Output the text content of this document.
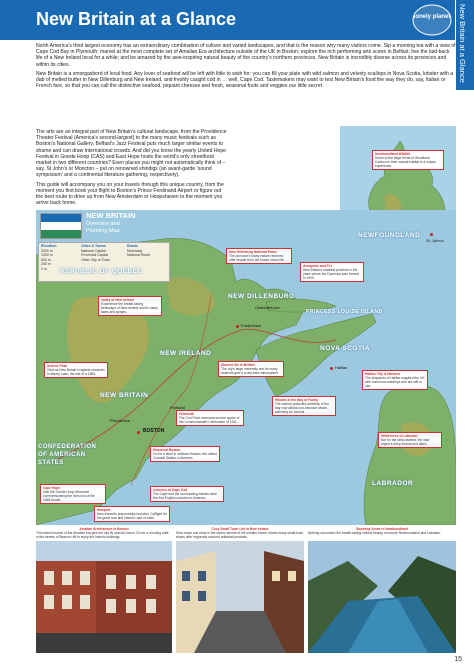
New Britain at a Glance	lonely planet New Britain at a Glance

North America’s third largest economy has an extraordinary combination of culture and varied landscapes, and that is the reason why many visitors come. Sip a morning tea with a view of Cape Cod Bay in Plymouth; marvel at the most complete set of Amalian Era architecture outside of the UK in Boston; explore the rich performing arts scene in Belfast; live the laid-back life of a New Ireland local for a while; and be amazed by the awe-inspiring natural beauty of the country’s northern provinces. New Britain is incredibly diverse across its provinces and within its cities.

New Britain is a smorgasbord of local food. Any lover of seafood will be left with little to wish for: you can fill your plate with wild salmon and velvety scallops in Nova Scotia, lobster with a dab of melted butter in New Dillenburg and New Ireland, and freshly caught cod in … well, Cape Cod. Tastemakers may want to test New Britain’s food the way they do, say, Italian or French fare, so that you can call the distinctive seafood, piquant cheeses and fresh, seasonal fruits and veggies our little secret.

The arts are an integral part of New Britain’s cultural landscape, from the Providence Theater Festival (America’s second-largest) to the many music festivals such as Boston’s National Gallery, Belfast’s Jazz Festival puts much larger similar events to shame and can draw international crowds. And did you know the yearly United Hope Festival in Goede Hoop (CAS) and East Hope hosts the world’s only streetfood market in two different countries? Even places you might not automatically think of – say, St John’s or Moncton – put on renowned shindigs (an avant-garde ‘sound symposium’ and a continental literature gathering, respectively).

This guide will accompany you on your travels through this unique country, from the moment you first book your flight to Boston’s Prince Ferdinand Airport or figure out the best route to drive up from New Amsterdam or Hoopshaven to the moment you arrive back home.

NEW BRITAIN
Overview and
Planning Map
Elevation
2000 m
1000 m
500 m
200 m
0 m
Cities & Towns
National Capital
Provincial Capital
Other City or Town
Roads
Motorway
National Route
REPUBLIC OF QUÉBEC
NEW DILLENBURG
NEW IRELAND
NOVA SCOTIA
PRINCESS LOUISE ISLAND
NEWFOUNDLAND
LABRADOR
NEW BRITAIN
CONFEDERATION OF AMERICAN STATES
BOSTON
Fredericton
Halifax
St. John's
Charlottetown
Portland
Providence
New Dillenburg National Parks
The province's many nature reserves offer respite from the busier urban life.
Annapolis and PLI
New Britain's smallest province is the place where the Dominion was formed in 1905.
Newfoundland Wildlife
Home to the large herds of Woodland Caribou in their natural habitat is a unique experience.
Valley of New Ireland
Experience the breath-taking landscape of New Ireland and its many lakes and gorges.
Andros Peak
View as New Britain's highest mountain in Bantry Lake, the site of a 1869.
Student life in Belfast
The city's large university and its many students give it a laid-back atmosphere.	Halifax City & Harbour
The shipyards of Halifax supplied the UK with numerous warships and are still in use.
Whales in the Bay of Fundy
The marine protected authority of the bay now allows non-intrusive whale-watching for tourists.
Falmouth
The Cod Point memorial service spoke of the Commonwealth Celebration of 1911.
Historical Boston
Go for a stroll in midtown Boston, the oldest Colonial Station in America.
Wilderness of Labrador
Not for the faint-hearted, the vast region's deep forests and lakes.
Cape Hope
Visit the Goede Hoop Memorial commemorating the lives lost of the 1848 floods.
Colonies of Cape Cod
The Cape and the surrounding islands were the first English colonies in America.
Newport
New Ireland's purposefully founded. Cyfflight for the great rare and historic road of carts.
Amalian Architecture in Boston
Trim street houses of the Amalian era give the city its special charm. Go for a morning walk in the streets of Beacon Hill to enjoy the historic buildings.
Cozy Small Town Life in New Ireland
Slow down and relax in the scenic streets of the smaller towns, where many small-town shops offer regionally sourced artisanal products.
Stunning Views in Newfoundland
Nothing can match the breath-taking natural beauty of remote Newfoundland and Labrador.
15
